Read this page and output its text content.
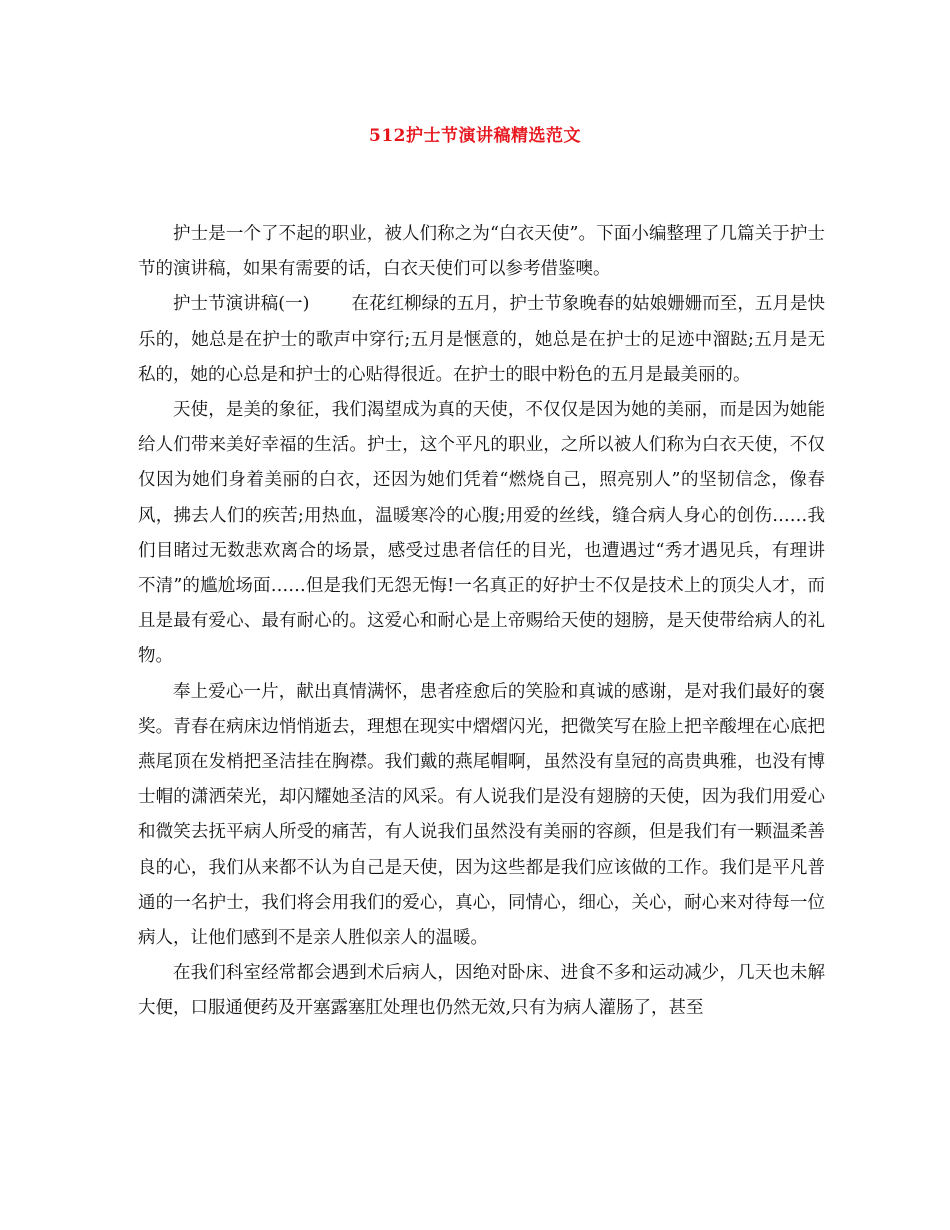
512护士节演讲稿精选范文

护士是一个了不起的职业，被人们称之为“白衣天使”。下面小编整理了几篇关于护士节的演讲稿，如果有需要的话，白衣天使们可以参考借鉴噢。

护士节演讲稿(一) 在花红柳绿的五月，护士节象晚春的姑娘姗姗而至，五月是快乐的，她总是在护士的歌声中穿行;五月是惬意的，她总是在护士的足迹中溜跶;五月是无私的，她的心总是和护士的心贴得很近。在护士的眼中粉色的五月是最美丽的。

天使，是美的象征，我们渴望成为真的天使，不仅仅是因为她的美丽，而是因为她能给人们带来美好幸福的生活。护士，这个平凡的职业，之所以被人们称为白衣天使，不仅仅因为她们身着美丽的白衣，还因为她们凭着“燃烧自己，照亮别人”的坚韧信念，像春风，拂去人们的疾苦;用热血，温暖寒冷的心腹;用爱的丝线，缝合病人身心的创伤……我们目睹过无数悲欢离合的场景，感受过患者信任的目光，也遭遇过“秀才遇见兵，有理讲不清”的尴尬场面……但是我们无怨无悔!一名真正的好护士不仅是技术上的顶尖人才，而且是最有爱心、最有耐心的。这爱心和耐心是上帝赐给天使的翅膀，是天使带给病人的礼物。

奉上爱心一片，献出真情满怀，患者痊愈后的笑脸和真诚的感谢，是对我们最好的褒奖。青春在病床边悄悄逝去，理想在现实中熠熠闪光，把微笑写在脸上把辛酸埋在心底把燕尾顶在发梢把圣洁挂在胸襟。我们戴的燕尾帽啊，虽然没有皇冠的高贵典雅，也没有博士帽的潇洒荣光，却闪耀她圣洁的风采。有人说我们是没有翅膀的天使，因为我们用爱心和微笑去抚平病人所受的痛苦，有人说我们虽然没有美丽的容颜，但是我们有一颗温柔善良的心，我们从来都不认为自己是天使，因为这些都是我们应该做的工作。我们是平凡普通的一名护士，我们将会用我们的爱心，真心，同情心，细心，关心，耐心来对待每一位病人，让他们感到不是亲人胜似亲人的温暖。

在我们科室经常都会遇到术后病人，因绝对卧床、进食不多和运动减少，几天也未解大便，口服通便药及开塞露塞肛处理也仍然无效,只有为病人灌肠了，甚至
